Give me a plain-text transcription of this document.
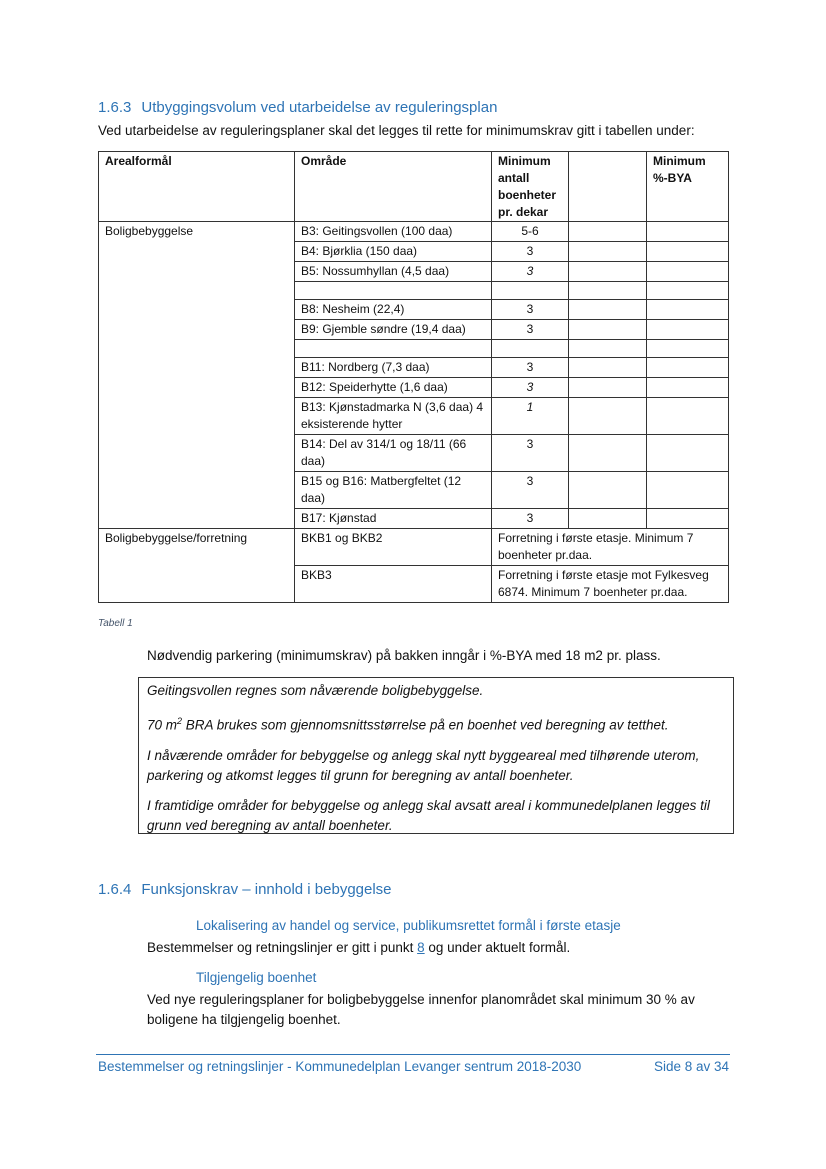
1.6.3 Utbyggingsvolum ved utarbeidelse av reguleringsplan
Ved utarbeidelse av reguleringsplaner skal det legges til rette for minimumskrav gitt i tabellen under:
Arealformål	Område	Minimum antall boenheter pr. dekar		Minimum %-BYA
Boligbebyggelse	B3: Geitingsvollen (100 daa)	5-6		
	B4: Bjørklia (150 daa)	3		
	B5: Nossumhyllan (4,5 daa)	3		

	B8: Nesheim (22,4)	3		
	B9: Gjemble søndre (19,4 daa)	3		

	B11: Nordberg (7,3 daa)	3		
	B12: Speiderhytte (1,6 daa)	3		
	B13: Kjønstadmarka N (3,6 daa) 4 eksisterende hytter	1		
	B14: Del av 314/1 og 18/11 (66 daa)	3		
	B15 og B16: Matbergfeltet (12 daa)	3		
	B17: Kjønstad	3		
Boligbebyggelse/forretning	BKB1 og BKB2	Forretning i første etasje. Minimum 7 boenheter pr.daa.		
	BKB3	Forretning i første etasje mot Fylkesveg 6874. Minimum 7 boenheter pr.daa.		
Tabell 1
Nødvendig parkering (minimumskrav) på bakken inngår i %-BYA med 18 m2 pr. plass.

Geitingsvollen regnes som nåværende boligbebyggelse.

70 $m^2$ BRA brukes som gjennomsnittsstørrelse på en boenhet ved beregning av tetthet.

I nåværende områder for bebyggelse og anlegg skal nytt byggeareal med tilhørende uterom, parkering og atkomst legges til grunn for beregning av antall boenheter.

I framtidige områder for bebyggelse og anlegg skal avsatt areal i kommunedelplanen legges til grunn ved beregning av antall boenheter.

1.6.4 Funksjonskrav – innhold i bebyggelse
Lokalisering av handel og service, publikumsrettet formål i første etasje
Bestemmelser og retningslinjer er gitt i punkt 8 og under aktuelt formål.
Tilgjengelig boenhet
Ved nye reguleringsplaner for boligbebyggelse innenfor planområdet skal minimum 30 % av boligene ha tilgjengelig boenhet.
Bestemmelser og retningslinjer - Kommunedelplan Levanger sentrum 2018-2030	Side 8 av 34
